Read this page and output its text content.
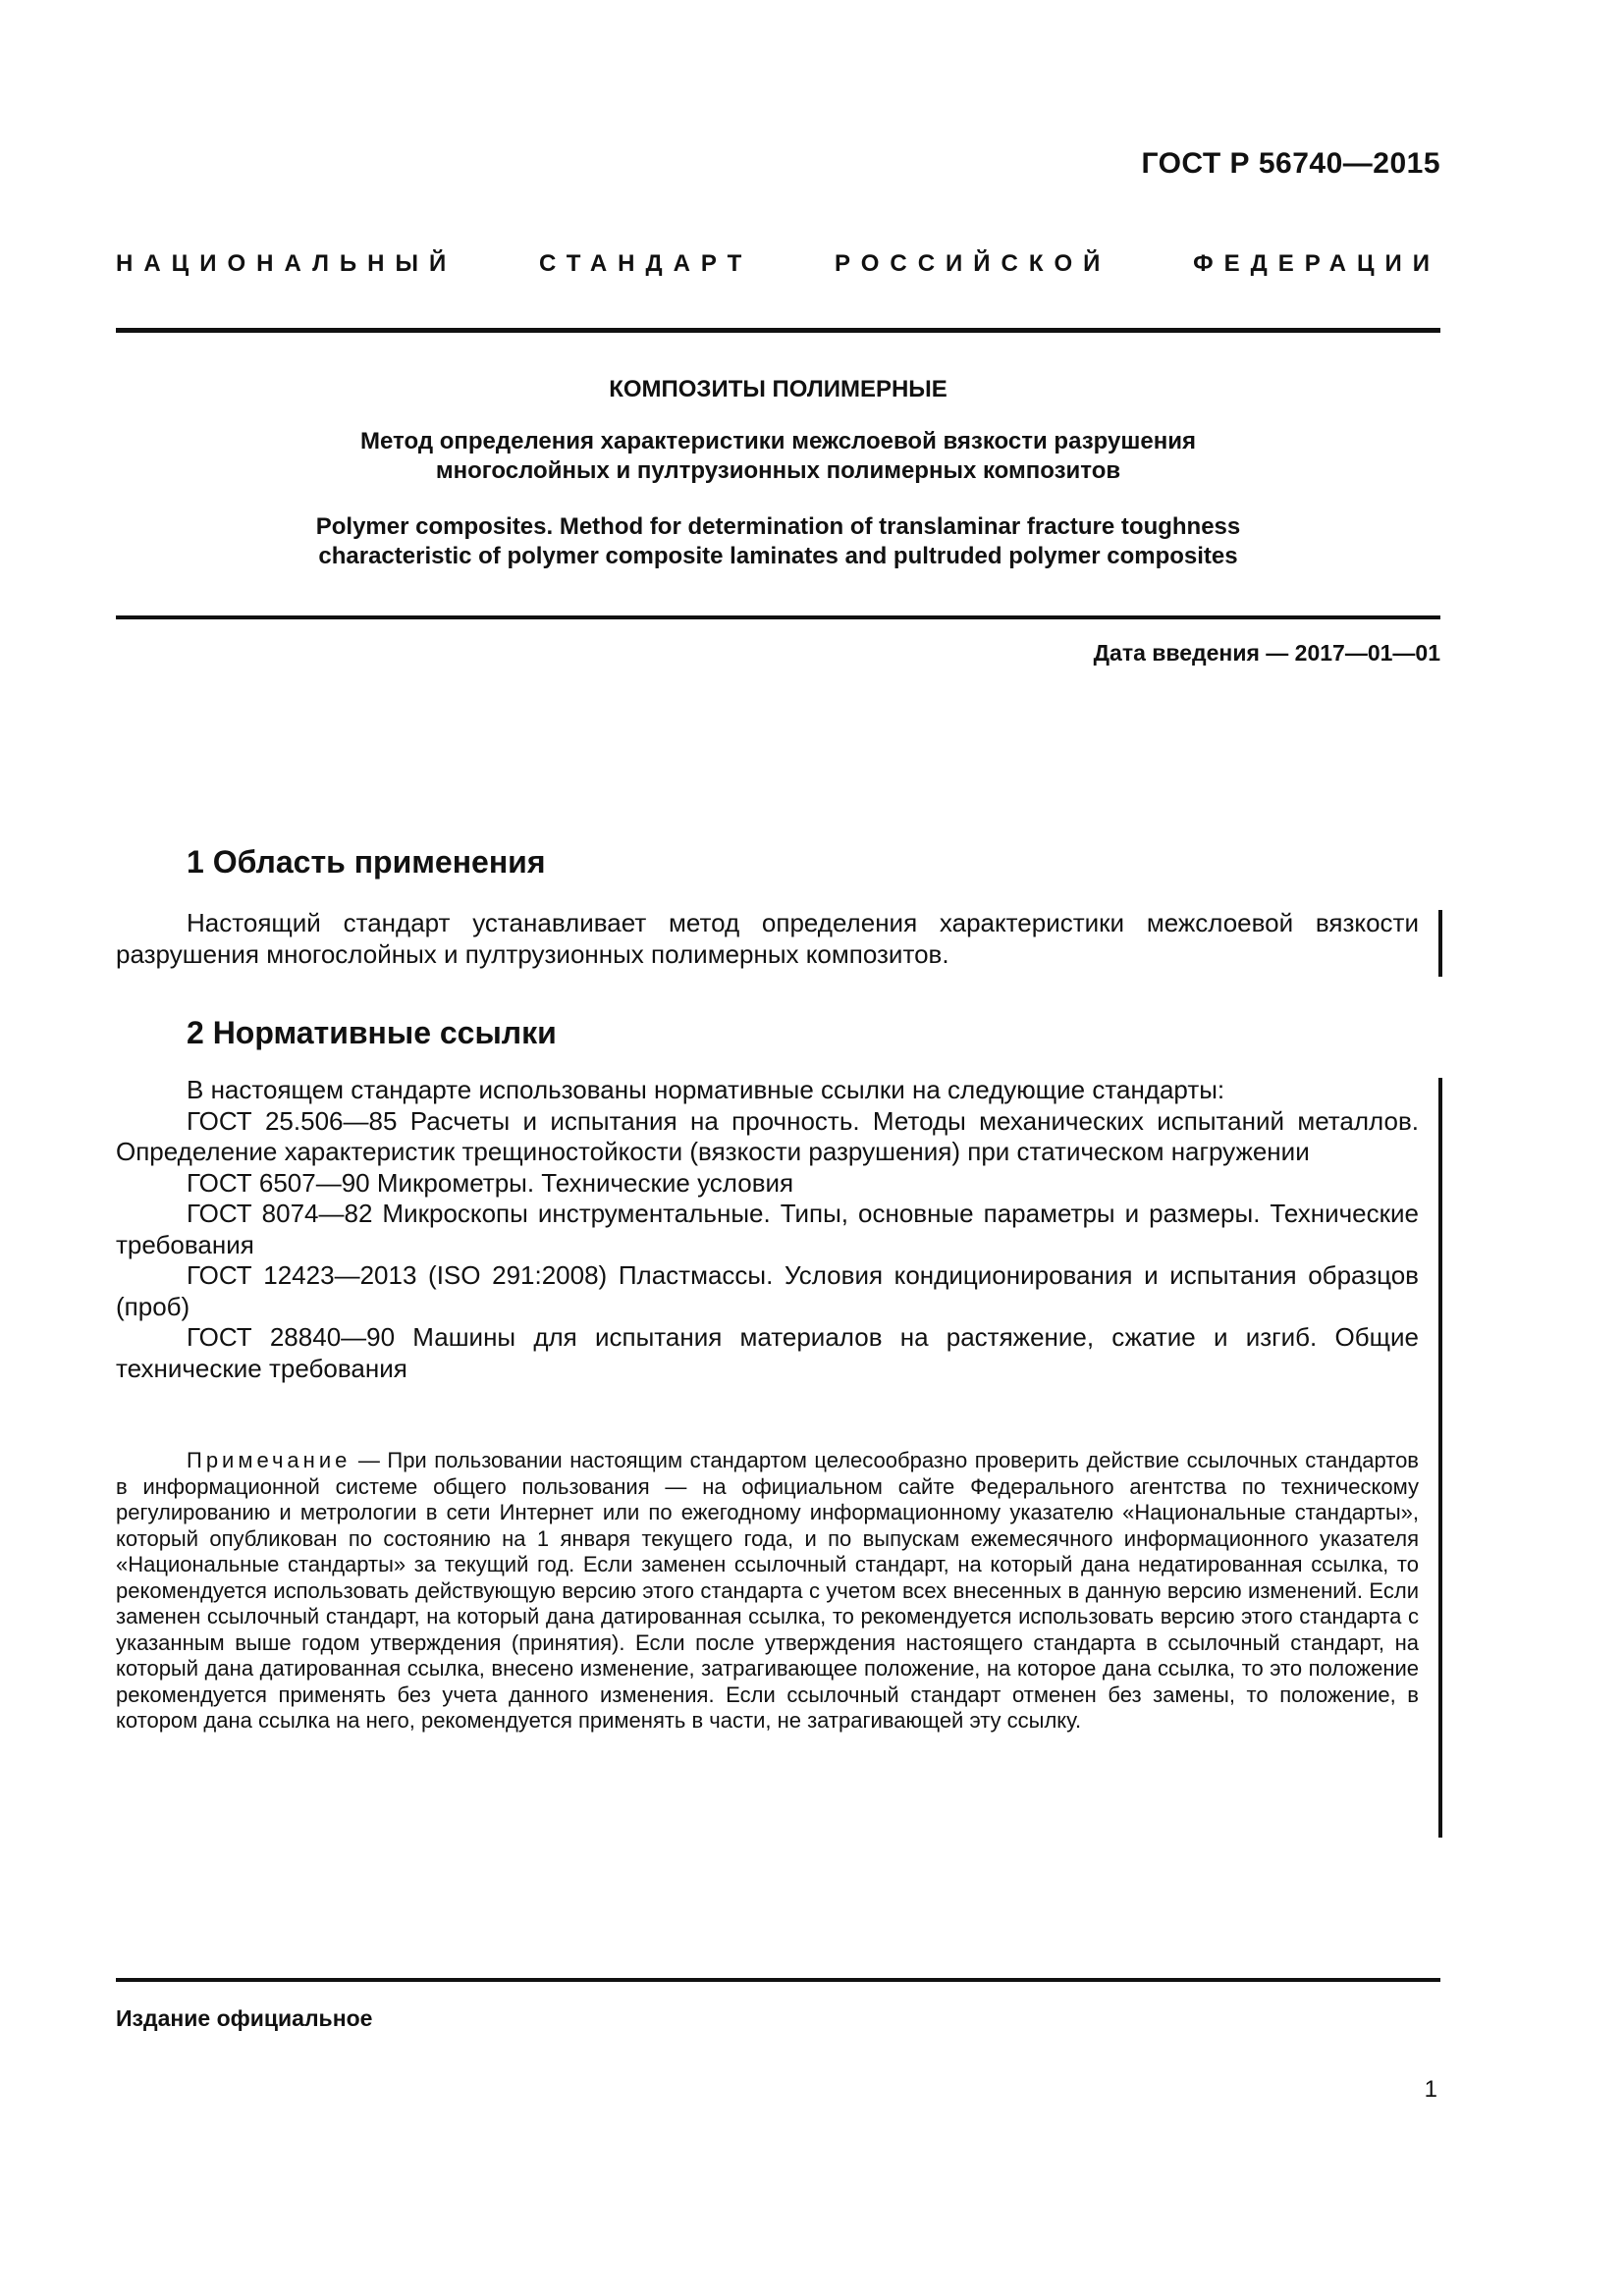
ГОСТ Р 56740—2015
НАЦИОНАЛЬНЫЙ СТАНДАРТ РОССИЙСКОЙ ФЕДЕРАЦИИ
КОМПОЗИТЫ ПОЛИМЕРНЫЕ
Метод определения характеристики межслоевой вязкости разрушения
многослойных и пултрузионных полимерных композитов
Polymer composites. Method for determination of translaminar fracture toughness
characteristic of polymer composite laminates and pultruded polymer composites
Дата введения — 2017—01—01
1 Область применения

Настоящий стандарт устанавливает метод определения характеристики межслоевой вязкости разрушения многослойных и пултрузионных полимерных композитов.

2 Нормативные ссылки

В настоящем стандарте использованы нормативные ссылки на следующие стандарты:

ГОСТ 25.506—85 Расчеты и испытания на прочность. Методы механических испытаний металлов. Определение характеристик трещиностойкости (вязкости разрушения) при статическом нагружении

ГОСТ 6507—90 Микрометры. Технические условия

ГОСТ 8074—82 Микроскопы инструментальные. Типы, основные параметры и размеры. Технические требования

ГОСТ 12423—2013 (ISO 291:2008) Пластмассы. Условия кондиционирования и испытания образцов (проб)

ГОСТ 28840—90 Машины для испытания материалов на растяжение, сжатие и изгиб. Общие технические требования

Примечание — При пользовании настоящим стандартом целесообразно проверить действие ссылочных стандартов в информационной системе общего пользования — на официальном сайте Федерального агентства по техническому регулированию и метрологии в сети Интернет или по ежегодному информационному указателю «Национальные стандарты», который опубликован по состоянию на 1 января текущего года, и по выпускам ежемесячного информационного указателя «Национальные стандарты» за текущий год. Если заменен ссылочный стандарт, на который дана недатированная ссылка, то рекомендуется использовать действующую версию этого стандарта с учетом всех внесенных в данную версию изменений. Если заменен ссылочный стандарт, на который дана датированная ссылка, то рекомендуется использовать версию этого стандарта с указанным выше годом утверждения (принятия). Если после утверждения настоящего стандарта в ссылочный стандарт, на который дана датированная ссылка, внесено изменение, затрагивающее положение, на которое дана ссылка, то это положение рекомендуется применять без учета данного изменения. Если ссылочный стандарт отменен без замены, то положение, в котором дана ссылка на него, рекомендуется применять в части, не затрагивающей эту ссылку.
Издание официальное
1
